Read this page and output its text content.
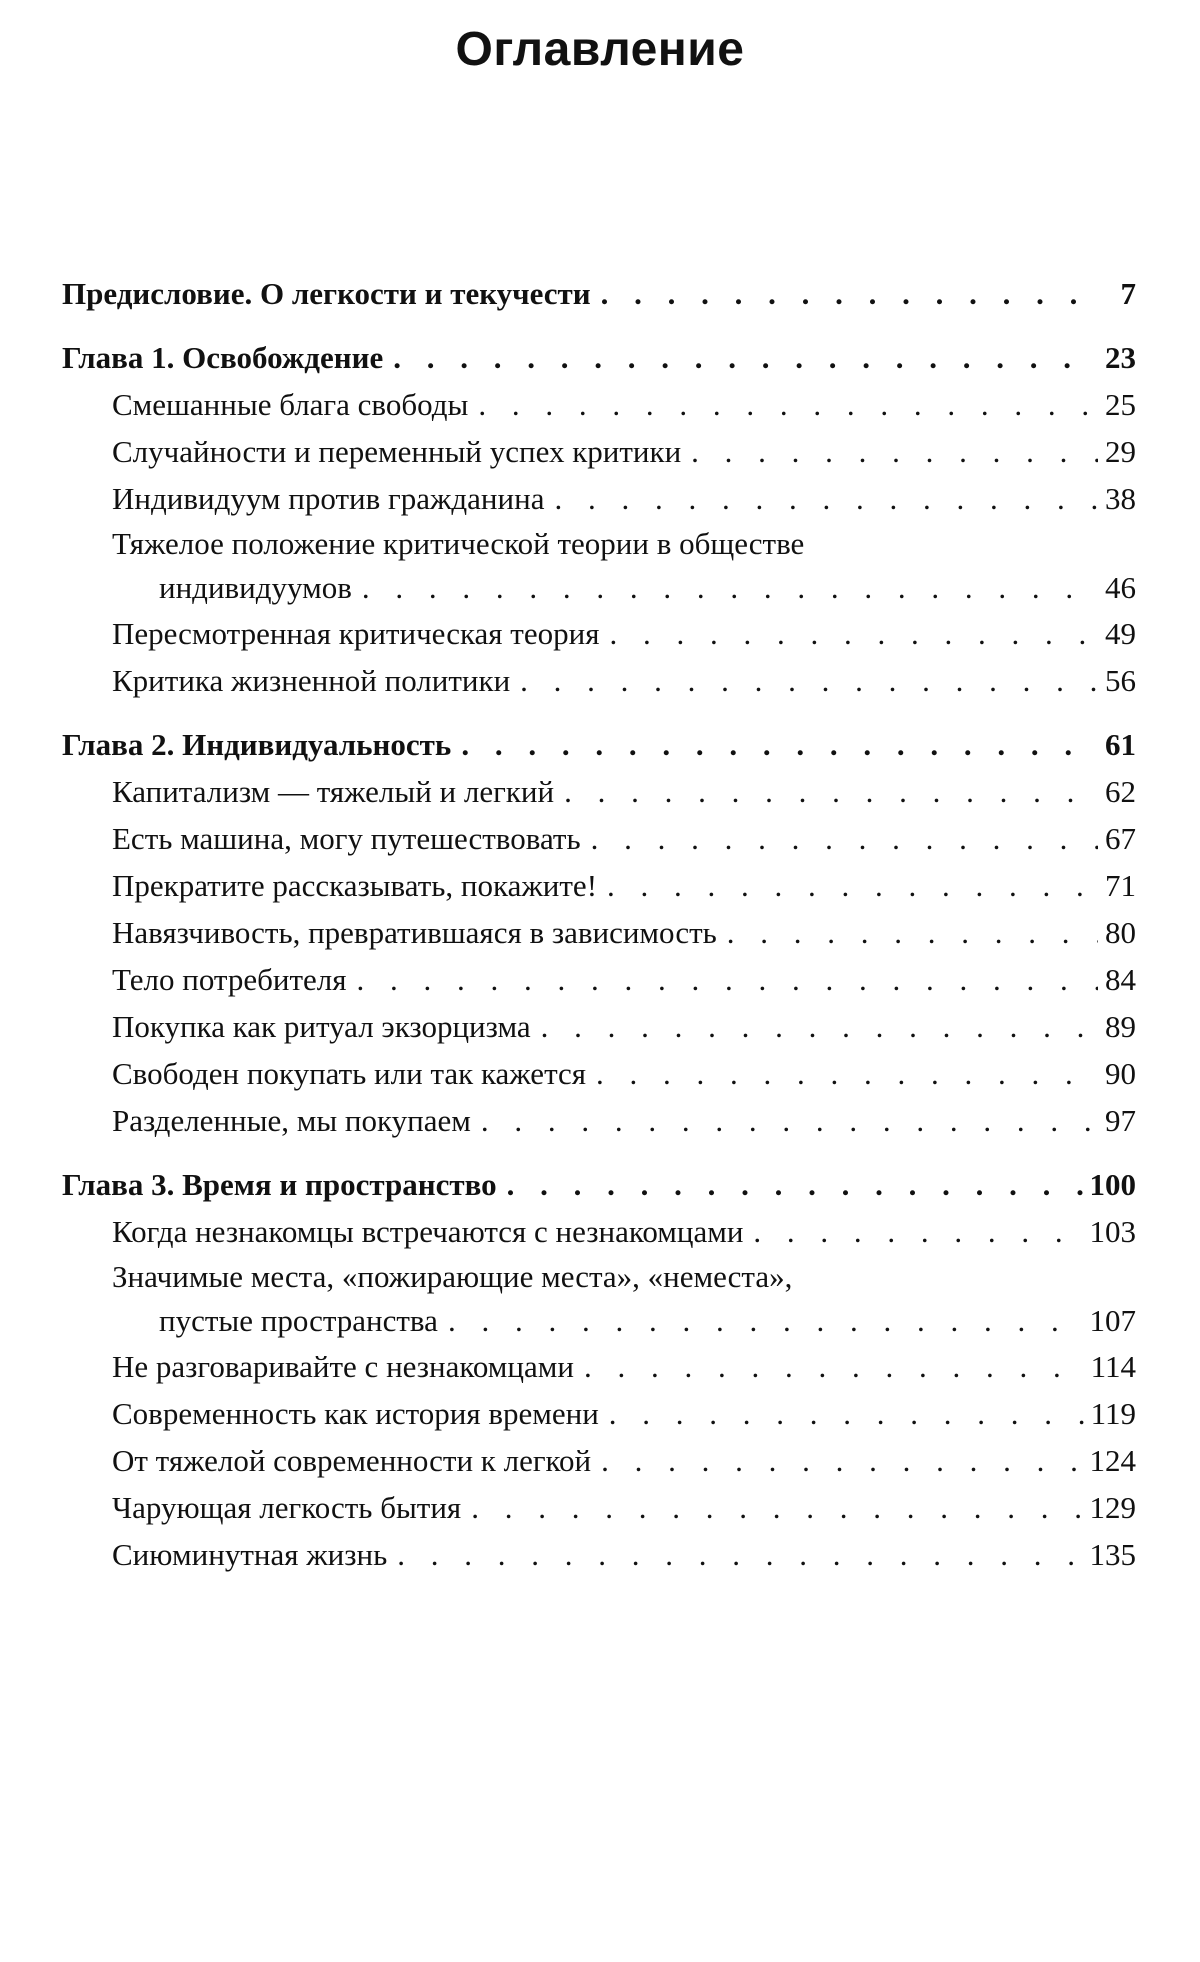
Оглавление
Предисловие. О легкости и текучести . . .	7
Глава 1. Освобождение . . .	23
Смешанные блага свободы . . .	25
Случайности и переменный успех критики . . .	29
Индивидуум против гражданина . . .	38
Тяжелое положение критической теории в обществе
индивидуумов . . .	46
Пересмотренная критическая теория . . .	49
Критика жизненной политики . . .	56
Глава 2. Индивидуальность . . .	61
Капитализм — тяжелый и легкий . . .	62
Есть машина, могу путешествовать . . .	67
Прекратите рассказывать, покажите! . . .	71
Навязчивость, превратившаяся в зависимость . . .	80
Тело потребителя . . .	84
Покупка как ритуал экзорцизма . . .	89
Свободен покупать или так кажется . . .	90
Разделенные, мы покупаем . . .	97
Глава 3. Время и пространство . . .	100
Когда незнакомцы встречаются с незнакомцами . . .	103
Значимые места, «пожирающие места», «неместа»,
пустые пространства . . .	107
Не разговаривайте с незнакомцами . . .	114
Современность как история времени . . .	119
От тяжелой современности к легкой . . .	124
Чарующая легкость бытия . . .	129
Сиюминутная жизнь . . .	135
